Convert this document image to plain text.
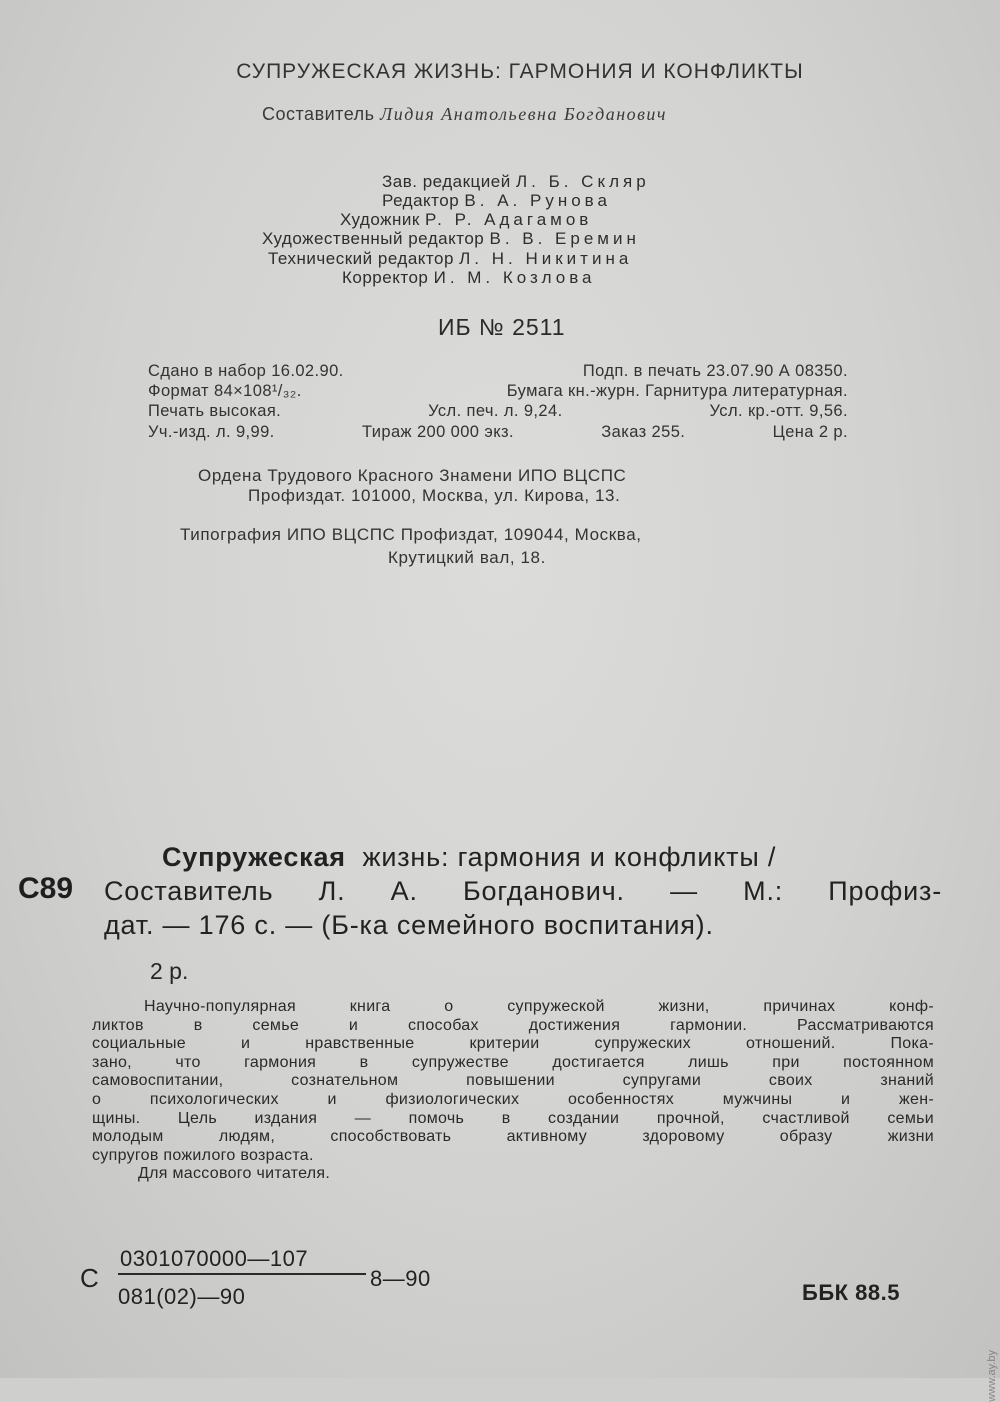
СУПРУЖЕСКАЯ ЖИЗНЬ: ГАРМОНИЯ И КОНФЛИКТЫ
Составитель Лидия Анатольевна Богданович
Зав. редакцией Л. Б. Скляр
Редактор В. А. Рунова
Художник Р. Р. Адагамов
Художественный редактор В. В. Еремин
Технический редактор Л. Н. Никитина
Корректор И. М. Козлова
ИБ № 2511
Сдано в набор 16.02.90.	Подп. в печать 23.07.90 А 08350.
Формат 84×108¹/₃₂.	Бумага кн.-журн. Гарнитура литературная.
Печать высокая.	Усл. печ. л. 9,24.	Усл. кр.-отт. 9,56.
Уч.-изд. л. 9,99.	Тираж 200 000 экз.	Заказ 255.	Цена 2 р.
Ордена Трудового Красного Знамени ИПО ВЦСПС
Профиздат. 101000, Москва, ул. Кирова, 13.
Типография ИПО ВЦСПС Профиздат, 109044, Москва,
Крутицкий вал, 18.
Супружеская жизнь: гармония и конфликты /
С89 Составитель Л. А. Богданович. — М.: Профиз-
дат. — 176 с. — (Б-ка семейного воспитания).
2 р.
Научно-популярная книга о супружеской жизни, причинах конф-
ликтов в семье и способах достижения гармонии. Рассматриваются
социальные и нравственные критерии супружеских отношений. Пока-
зано, что гармония в супружестве достигается лишь при постоянном
самовоспитании, сознательном повышении супругами своих знаний
о психологических и физиологических особенностях мужчины и жен-
щины. Цель издания — помочь в создании прочной, счастливой семьи
молодым людям, способствовать активному здоровому образу жизни
супругов пожилого возраста.
Для массового читателя.
С
0301070000—107
081(02)—90
8—90
ББК 88.5
www.ay.by
